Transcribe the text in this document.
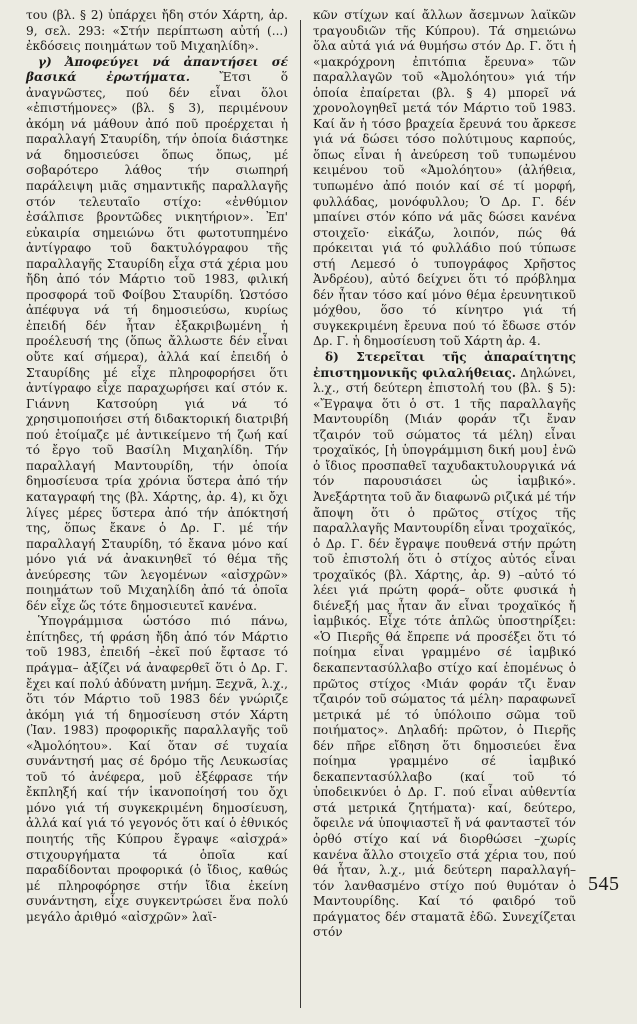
του (βλ. § 2) ὑπάρχει ἤδη στόν Χάρτη, ἀρ. 9, σελ. 293: «Στήν περίπτωση αὐτή (...) ἐκδόσεις ποιημάτων τοῦ Μιχαηλίδη».

γ) Ἀποφεύγει νά ἀπαντήσει σέ βασικά ἐρωτήματα. Ἔτσι ὅ ἀναγνῶστες, πού δέν εἶναι ὅλοι «ἐπιστήμονες» (βλ. § 3), περιμένουν ἀκόμη νά μάθουν ἀπό ποῦ προέρχεται ἡ παραλλαγή Σταυρίδη, τήν ὁποία διάστηκε νά δημοσιεύσει ὅπως ὅπως, μέ σοβαρότερο λάθος τήν σιωπηρή παράλειψη μιᾶς σημαντικῆς παραλλαγῆς στόν τελευταῖο στίχο: «ἐνθύμιον ἐσάλπισε βροντῶδες νικητήριον». Ἐπ' εὐκαιρία σημειώνω ὅτι φωτοτυπημένο ἀντίγραφο τοῦ δακτυλόγραφου τῆς παραλλαγῆς Σταυρίδη εἶχα στά χέρια μου ἤδη ἀπό τόν Μάρτιο τοῦ 1983, φιλική προσφορά τοῦ Φοίβου Σταυρίδη. Ὡστόσο ἀπέφυγα νά τή δημοσιεύσω, κυρίως ἐπειδή δέν ἦταν ἐξακριβωμένη ἡ προέλευσή της (ὅπως ἄλλωστε δέν εἶναι οὔτε καί σήμερα), ἀλλά καί ἐπειδή ὁ Σταυρίδης μέ εἶχε πληροφορήσει ὅτι ἀντίγραφο εἶχε παραχωρήσει καί στόν κ. Γιάννη Κατσούρη γιά νά τό χρησιμοποιήσει στή διδακτορική διατριβή πού ἑτοίμαζε μέ ἀντικείμενο τή ζωή καί τό ἔργο τοῦ Βασίλη Μιχαηλίδη. Τήν παραλλαγή Μαντουρίδη, τήν ὁποία δημοσίευσα τρία χρόνια ὕστερα ἀπό τήν καταγραφή της (βλ. Χάρτης, ἀρ. 4), κι ὄχι λίγες μέρες ὕστερα ἀπό τήν ἀπόκτησή της, ὅπως ἔκανε ὁ Δρ. Γ. μέ τήν παραλλαγή Σταυρίδη, τό ἔκανα μόνο καί μόνο γιά νά ἀνακινηθεῖ τό θέμα τῆς ἀνεύρεσης τῶν λεγομένων «αἰσχρῶν» ποιημάτων τοῦ Μιχαηλίδη ἀπό τά ὁποῖα δέν εἶχε ὥς τότε δημοσιευτεῖ κανένα.

Ὑπογράμμισα ὡστόσο πιό πάνω, ἐπίτηδες, τή φράση ἤδη ἀπό τόν Μάρτιο τοῦ 1983, ἐπειδή –ἐκεῖ πού ἔφτασε τό πράγμα– ἀξίζει νά ἀναφερθεῖ ὅτι ὁ Δρ. Γ. ἔχει καί πολύ ἀδύνατη μνήμη. Ξεχνᾶ, λ.χ., ὅτι τόν Μάρτιο τοῦ 1983 δέν γνώριζε ἀκόμη γιά τή δημοσίευση στόν Χάρτη (Ἰαν. 1983) προφορικῆς παραλλαγῆς τοῦ «Ἀμολόητου». Καί ὅταν σέ τυχαία συνάντησή μας σέ δρόμο τῆς Λευκωσίας τοῦ τό ἀνέφερα, μοῦ ἐξέφρασε τήν ἔκπληξή καί τήν ἱκανοποίησή του ὄχι μόνο γιά τή συγκεκριμένη δημοσίευση, ἀλλά καί γιά τό γεγονός ὅτι καί ὁ ἐθνικός ποιητής τῆς Κύπρου ἔγραψε «αἰσχρά» στιχουργήματα τά ὁποῖα καί παραδίδονται προφορικά (ὁ ἴδιος, καθώς μέ πληροφόρησε στήν ἴδια ἐκείνη συνάντηση, εἶχε συγκεντρώσει ἕνα πολύ μεγάλο ἀριθμό «αἰσχρῶν» λαϊ-

κῶν στίχων καί ἄλλων ἄσεμνων λαϊκῶν τραγουδιῶν τῆς Κύπρου). Τά σημειώνω ὅλα αὐτά γιά νά θυμήσω στόν Δρ. Γ. ὅτι ἡ «μακρόχρονη ἐπιτόπια ἔρευνα» τῶν παραλλαγῶν τοῦ «Ἀμολόητου» γιά τήν ὁποία ἐπαίρεται (βλ. § 4) μπορεῖ νά χρονολογηθεῖ μετά τόν Μάρτιο τοῦ 1983. Καί ἄν ἡ τόσο βραχεία ἔρευνά του ἄρκεσε γιά νά δώσει τόσο πολύτιμους καρπούς, ὅπως εἶναι ἡ ἀνεύρεση τοῦ τυπωμένου κειμένου τοῦ «Ἀμολόητου» (ἀλήθεια, τυπωμένο ἀπό ποιόν καί σέ τί μορφή, φυλλάδας, μονόφυλλου; Ὁ Δρ. Γ. δέν μπαίνει στόν κόπο νά μᾶς δώσει κανένα στοιχεῖο· εἰκάζω, λοιπόν, πώς θά πρόκειται γιά τό φυλλάδιο πού τύπωσε στή Λεμεσό ὁ τυπογράφος Χρῆστος Ἀνδρέου), αὐτό δείχνει ὅτι τό πρόβλημα δέν ἦταν τόσο καί μόνο θέμα ἐρευνητικοῦ μόχθου, ὅσο τό κίνητρο γιά τή συγκεκριμένη ἔρευνα πού τό ἔδωσε στόν Δρ. Γ. ἡ δημοσίευση τοῦ Χάρτη ἀρ. 4.

δ) Στερεῖται τῆς ἀπαραίτητης ἐπιστημονικῆς φιλαλήθειας. Δηλώνει, λ.χ., στή δεύτερη ἐπιστολή του (βλ. § 5): «Ἔγραψα ὅτι ὁ στ. 1 τῆς παραλλαγῆς Μαντουρίδη (Μιάν φοράν τζι ἔναν τζαιρόν τοῦ σώματος τά μέλη) εἶναι τροχαϊκός, [ἡ ὑπογράμμιση δική μου] ἐνῶ ὁ ἴδιος προσπαθεῖ ταχυδακτυλουργικά νά τόν παρουσιάσει ὡς ἰαμβικό». Ἀνεξάρτητα τοῦ ἄν διαφωνῶ ριζικά μέ τήν ἄποψη ὅτι ὁ πρῶτος στίχος τῆς παραλλαγῆς Μαντουρίδη εἶναι τροχαϊκός, ὁ Δρ. Γ. δέν ἔγραψε πουθενά στήν πρώτη τοῦ ἐπιστολή ὅτι ὁ στίχος αὐτός εἶναι τροχαϊκός (βλ. Χάρτης, ἀρ. 9) –αὐτό τό λέει γιά πρώτη φορά– οὔτε φυσικά ἡ διένεξή μας ἦταν ἄν εἶναι τροχαϊκός ἤ ἰαμβικός. Εἶχε τότε ἁπλῶς ὑποστηρίξει: «Ὁ Πιερῆς θά ἔπρεπε νά προσέξει ὅτι τό ποίημα εἶναι γραμμένο σέ ἰαμβικό δεκαπεντασύλλαβο στίχο καί ἑπομένως ὁ πρῶτος στίχος ‹Μιάν φοράν τζι ἔναν τζαιρόν τοῦ σώματος τά μέλη› παραφωνεῖ μετρικά μέ τό ὑπόλοιπο σῶμα τοῦ ποιήματος». Δηλαδή: πρῶτον, ὁ Πιερῆς δέν πῆρε εἴδηση ὅτι δημοσιεύει ἕνα ποίημα γραμμένο σέ ἰαμβικό δεκαπεντασύλλαβο (καί τοῦ τό ὑποδεικνύει ὁ Δρ. Γ. πού εἶναι αὐθεντία στά μετρικά ζητήματα)· καί, δεύτερο, ὄφειλε νά ὑποψιαστεῖ ἤ νά φανταστεῖ τόν ὀρθό στίχο καί νά διορθώσει –χωρίς κανένα ἄλλο στοιχεῖο στά χέρια του, πού θά ἦταν, λ.χ., μιά δεύτερη παραλλαγή– τόν λανθασμένο στίχο πού θυμόταν ὁ Μαντουρίδης. Καί τό φαιδρό τοῦ πράγματος δέν σταματᾶ ἐδῶ. Συνεχίζεται στόν

545
